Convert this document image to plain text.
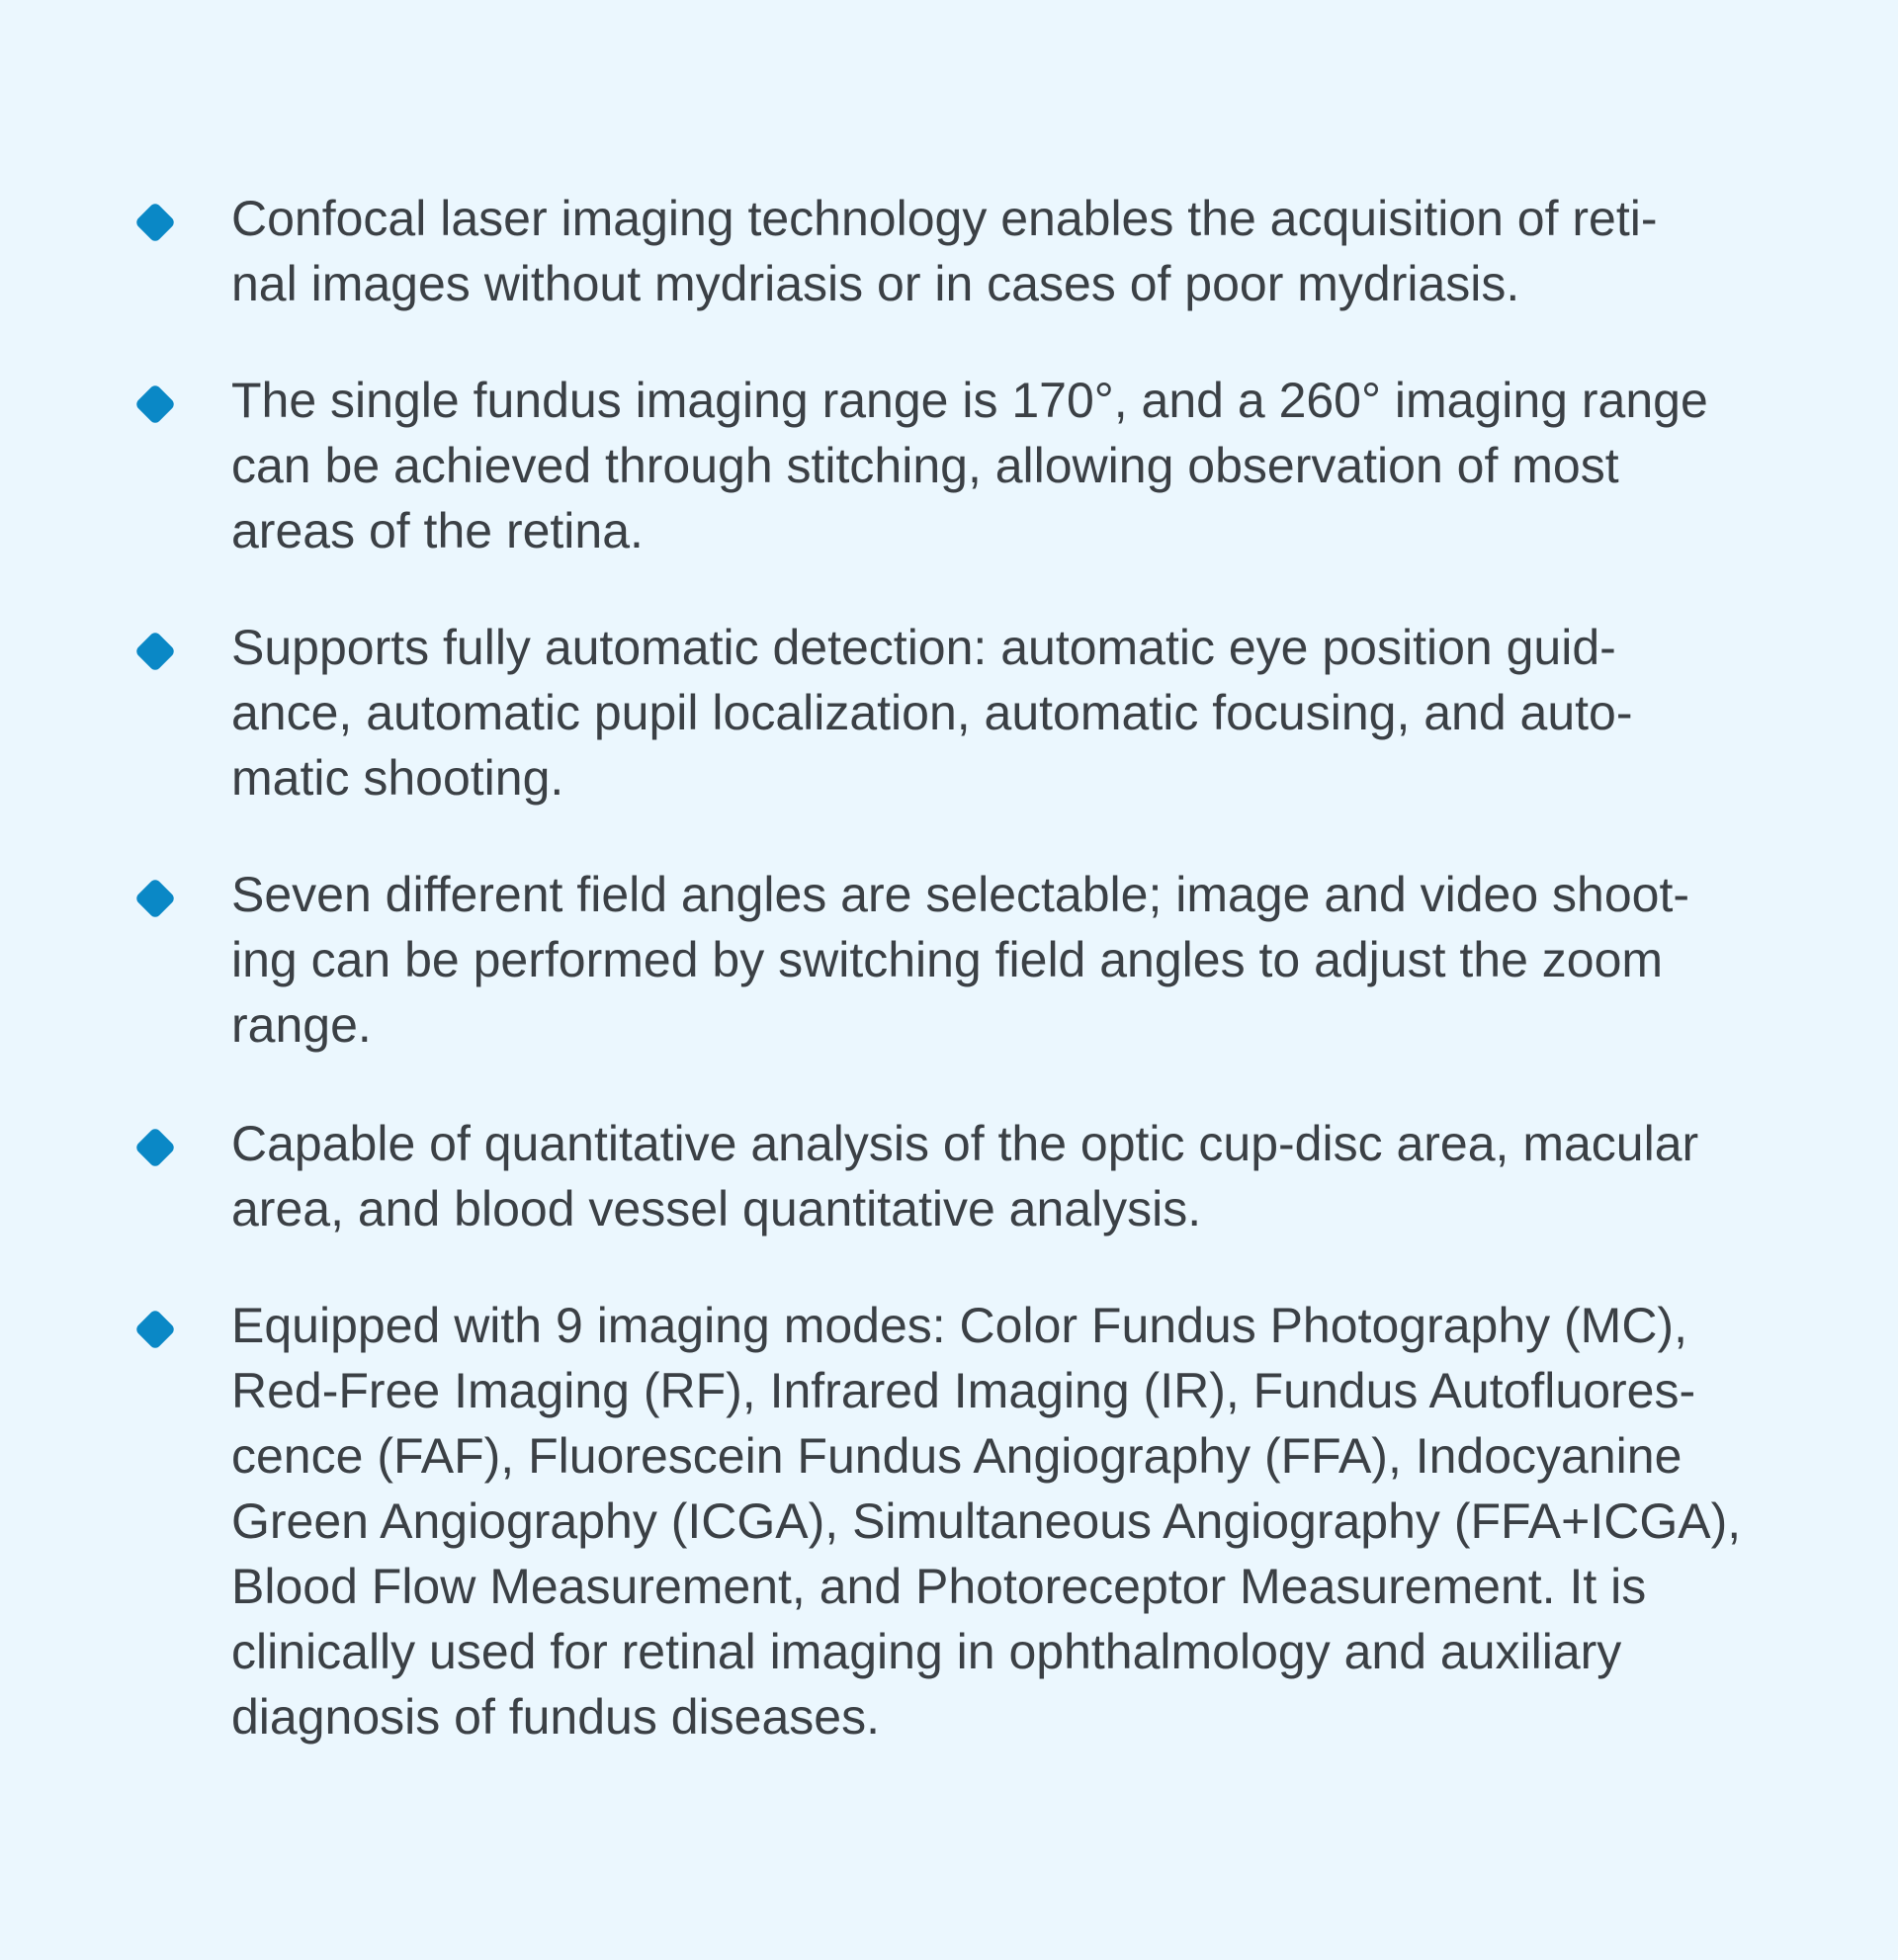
Confocal laser imaging technology enables the acquisition of reti-
nal images without mydriasis or in cases of poor mydriasis.

The single fundus imaging range is 170°, and a 260° imaging range
can be achieved through stitching, allowing observation of most
areas of the retina.

Supports fully automatic detection: automatic eye position guid-
ance, automatic pupil localization, automatic focusing, and auto-
matic shooting.

Seven different field angles are selectable; image and video shoot-
ing can be performed by switching field angles to adjust the zoom
range.

Capable of quantitative analysis of the optic cup-disc area, macular
area, and blood vessel quantitative analysis.

Equipped with 9 imaging modes: Color Fundus Photography (MC),
Red-Free Imaging (RF), Infrared Imaging (IR), Fundus Autofluores-
cence (FAF), Fluorescein Fundus Angiography (FFA), Indocyanine
Green Angiography (ICGA), Simultaneous Angiography (FFA+ICGA),
Blood Flow Measurement, and Photoreceptor Measurement. It is
clinically used for retinal imaging in ophthalmology and auxiliary
diagnosis of fundus diseases.
